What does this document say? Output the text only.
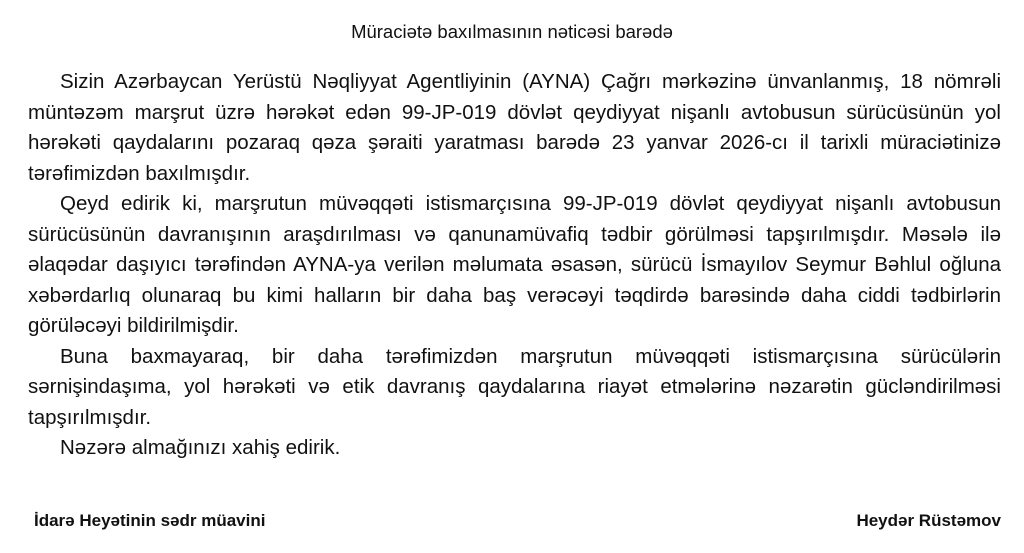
Müraciətə baxılmasının nəticəsi barədə

Sizin Azərbaycan Yerüstü Nəqliyyat Agentliyinin (AYNA) Çağrı mərkəzinə ünvanlanmış, 18 nömrəli müntəzəm marşrut üzrə hərəkət edən 99-JP-019 dövlət qeydiyyat nişanlı avtobusun sürücüsünün yol hərəkəti qaydalarını pozaraq qəza şəraiti yaratması barədə 23 yanvar 2026-cı il tarixli müraciətinizə tərəfimizdən baxılmışdır.

Qeyd edirik ki, marşrutun müvəqqəti istismarçısına 99-JP-019 dövlət qeydiyyat nişanlı avtobusun sürücüsünün davranışının araşdırılması və qanunamüvafiq tədbir görülməsi tapşırılmışdır. Məsələ ilə əlaqədar daşıyıcı tərəfindən AYNA-ya verilən məlumata əsasən, sürücü İsmayılov Seymur Bəhlul oğluna xəbərdarlıq olunaraq bu kimi halların bir daha baş verəcəyi təqdirdə barəsində daha ciddi tədbirlərin görüləcəyi bildirilmişdir.

Buna baxmayaraq, bir daha tərəfimizdən marşrutun müvəqqəti istismarçısına sürücülərin sərnişindaşıma, yol hərəkəti və etik davranış qaydalarına riayət etmələrinə nəzarətin gücləndirilməsi tapşırılmışdır.

Nəzərə almağınızı xahiş edirik.

İdarə Heyətinin sədr müavini	Heydər Rüstəmov
